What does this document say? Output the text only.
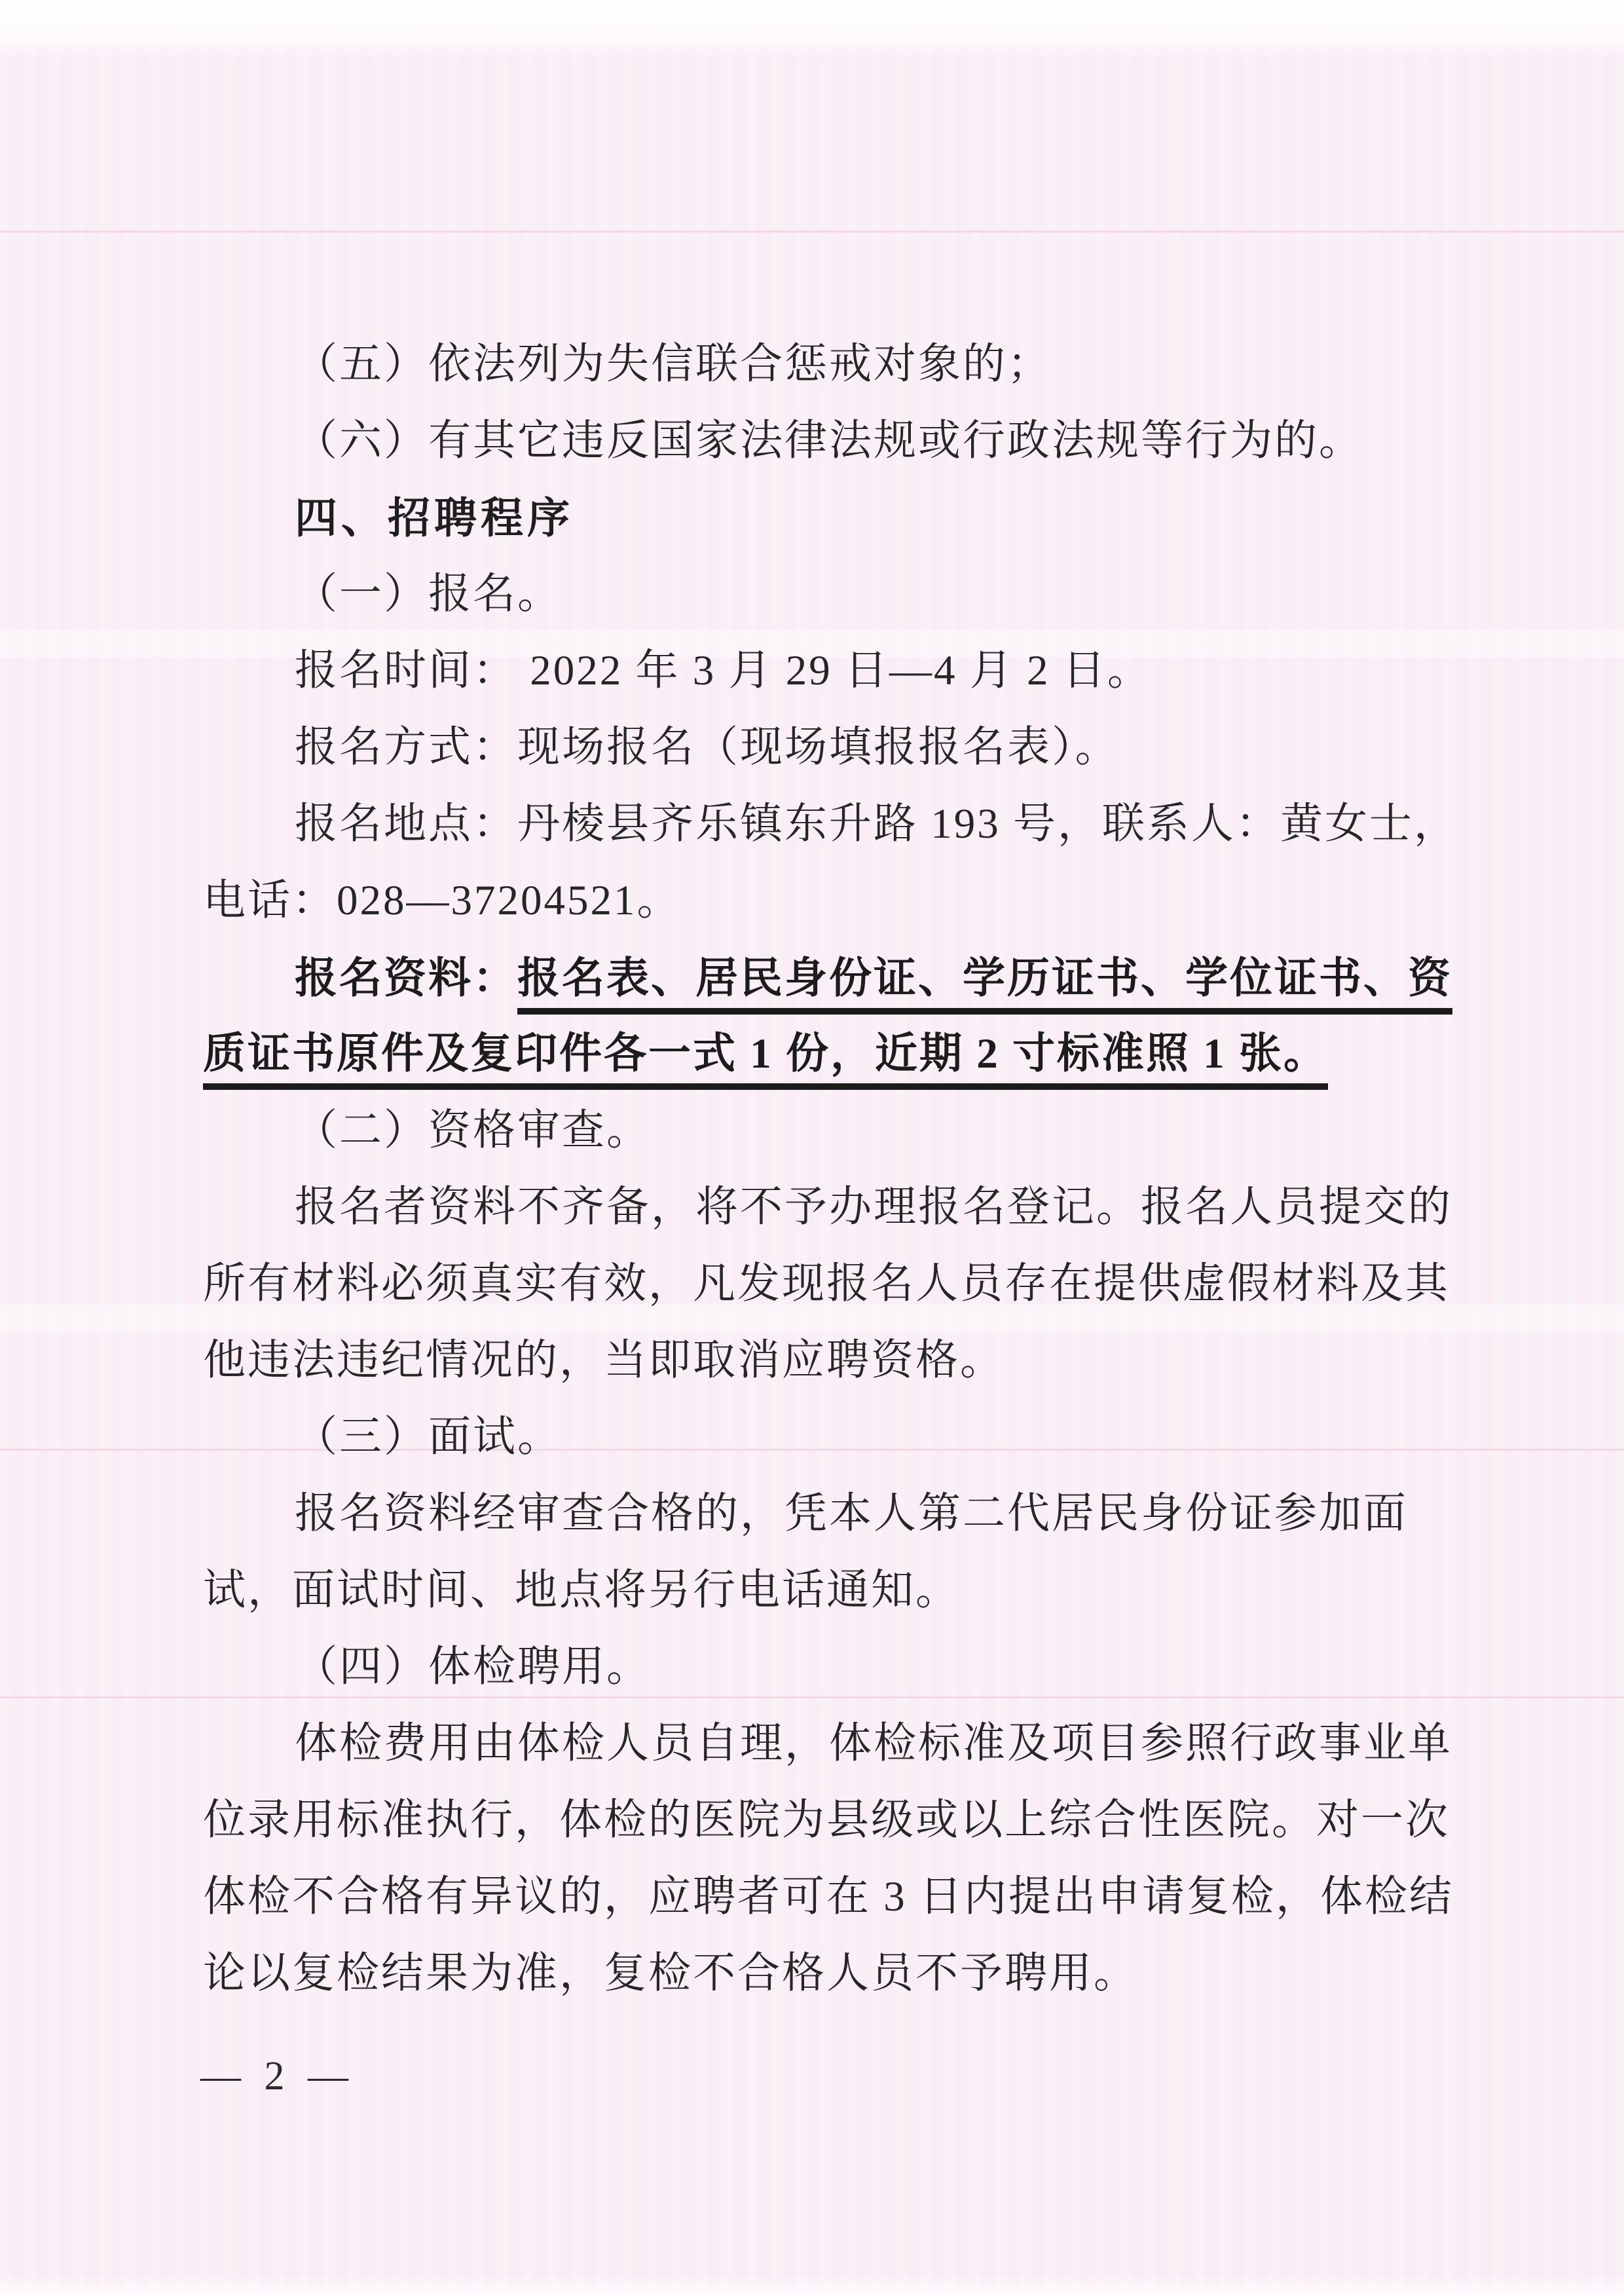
（五）依法列为失信联合惩戒对象的；
（六）有其它违反国家法律法规或行政法规等行为的。
四、招聘程序
（一）报名。
报名时间： 2022 年 3 月 29 日—4 月 2 日。
报名方式：现场报名（现场填报报名表）。
报名地点：丹棱县齐乐镇东升路 193 号，联系人：黄女士，
电话：028—37204521。
报名资料：报名表、居民身份证、学历证书、学位证书、资
质证书原件及复印件各一式 1 份，近期 2 寸标准照 1 张。
（二）资格审查。
报名者资料不齐备，将不予办理报名登记。报名人员提交的
所有材料必须真实有效，凡发现报名人员存在提供虚假材料及其
他违法违纪情况的，当即取消应聘资格。
（三）面试。
报名资料经审查合格的，凭本人第二代居民身份证参加面
试，面试时间、地点将另行电话通知。
（四）体检聘用。
体检费用由体检人员自理，体检标准及项目参照行政事业单
位录用标准执行，体检的医院为县级或以上综合性医院。对一次
体检不合格有异议的，应聘者可在 3 日内提出申请复检，体检结
论以复检结果为准，复检不合格人员不予聘用。
— 2 —
